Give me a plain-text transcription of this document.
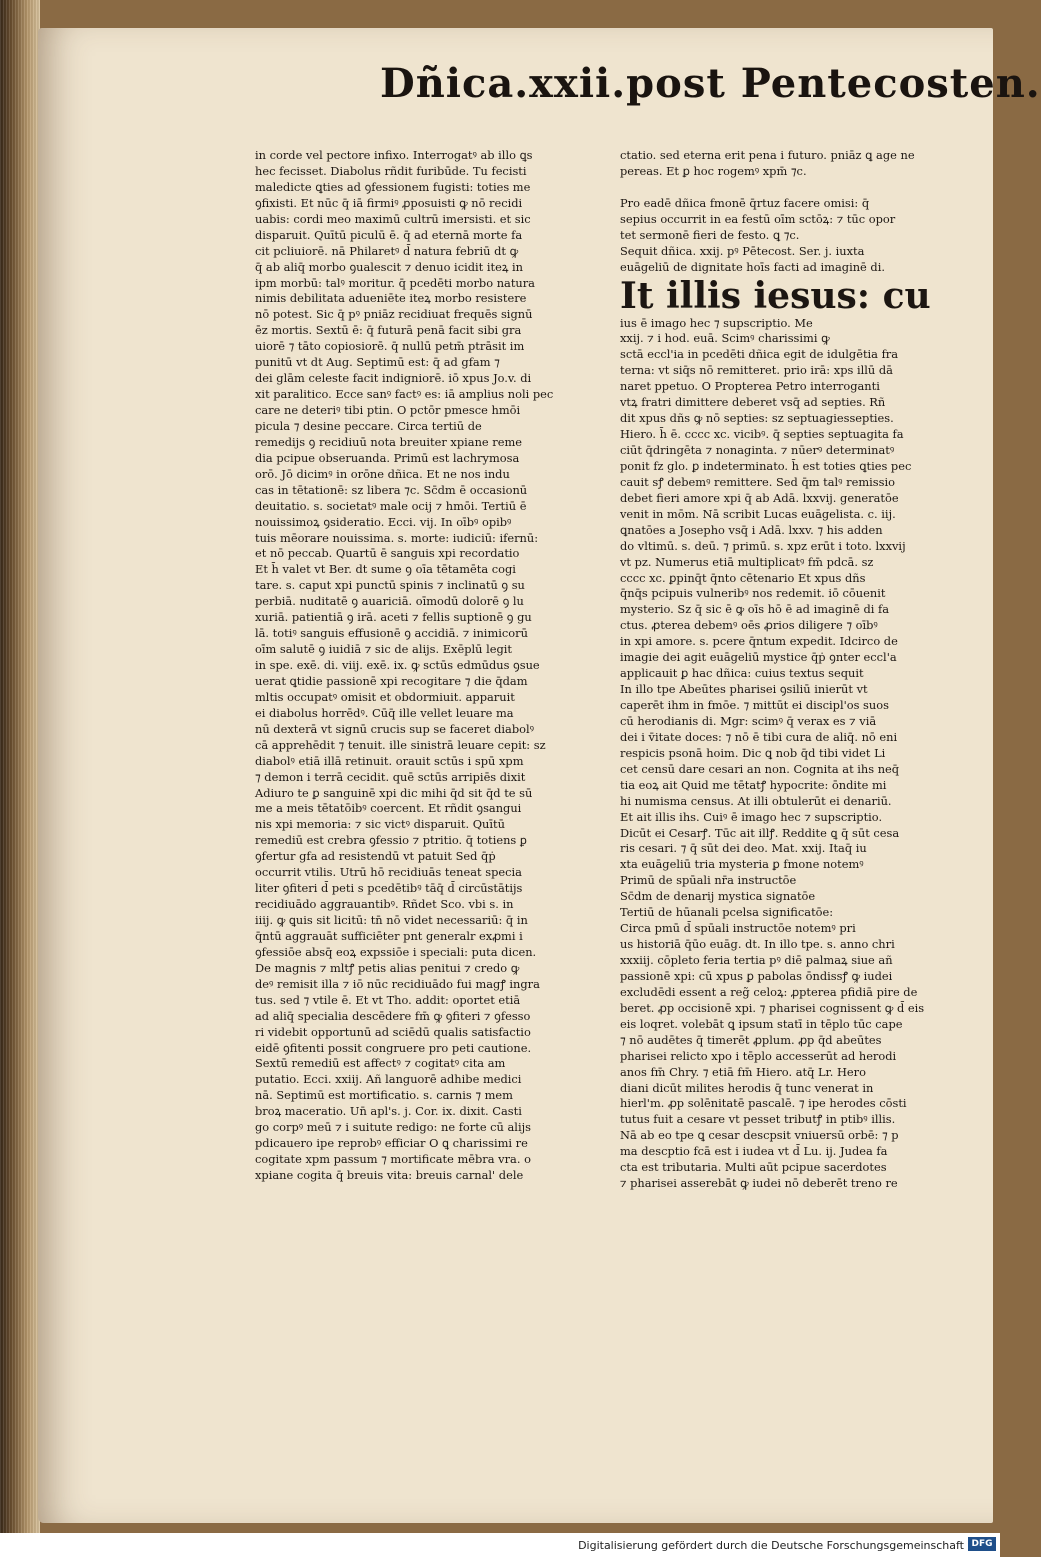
Dñica.xxii.post Pentecosten.
in corde vel pectore infixo. Interrogatꝰ ab illo ꝗs
hec fecisset. Diabolus rñdit furibūde. Tu fecisti
maledicte ꝗties ad ꝯfessionem fugisti: toties me
ꝯfixisti. Et nūc q̄ iā firmiꝰ ꝓposuisti ꝙ nō recidi
uabis: cordi meo maximū cultrū imersisti. et sic
disparuit. Quītū piculū ē. q̄ ad eternā morte fa
cit pcliuiorē. nā Philaretꝰ d̄ natura febriū dt ꝙ
q̄ ab aliq̄ morbo ꝯualescit ⁊ denuo icidit iteꝝ in
ipm morbū: talꝰ moritur. q̄ pcedēti morbo natura
nimis debilitata adueniēte iteꝝ morbo resistere
nō potest. Sic q̄ pꝰ pniāz recidiuat frequēs signū
ēz mortis. Sextū ē: q̄ futurā penā facit sibi gra
uiorē ⁊ tāto copiosiorē. q̄ nullū petm̄ ptrāsit im
punitū vt dt Aug. Septimū est: q̄ ad gfam ⁊
dei glām celeste facit indigniorē. iō xpus Jo.v. di
xit paralitico. Ecce sanꝰ factꝰ es: iā amplius noli pec
care ne deteriꝰ tibi ptin. O pctōr pmesce hmōi
picula ⁊ desine peccare. Circa tertiū de
remedijs ꝯ recidiuū nota breuiter xpiane reme
dia pcipue obseruanda. Primū est lachrymosa
orō. Jō dicimꝰ in orōne dñica. Et ne nos indu
cas in tētationē: sz libera ⁊c. Sc̄dm ē occasionū
deuitatio. s. societatꝰ male ocij ⁊ hmōi. Tertiū ē
nouissimoꝝ ꝯsideratio. Ecci. vij. In oībꝰ opibꝰ
tuis mēorare nouissima. s. morte: iudiciū: ifernū:
et nō peccab. Quartū ē sanguis xpi recordatio
Et h̄ valet vt Ber. dt sume ꝯ oīa tētamēta cogi
tare. s. caput xpi punctū spinis ⁊ inclinatū ꝯ su
perbiā. nuditatē ꝯ auariciā. oīmodū dolorē ꝯ lu
xuriā. patientiā ꝯ irā. aceti ⁊ fellis suptionē ꝯ gu
lā. totiꝰ sanguis effusionē ꝯ accidiā. ⁊ inimicorū
oīm salutē ꝯ iuidiā ⁊ sic de alijs. Exēplū legit
in spe. exē. di. viij. exē. ix. ꝙ sctūs edmūdus ꝯsue
uerat ꝗtidie passionē xpi recogitare ⁊ die q̄dam
mltis occupatꝰ omisit et obdormiuit. apparuit
ei diabolus horrēdꝰ. Cūq̄ ille vellet leuare ma
nū dexterā vt signū crucis sup se faceret diabolꝰ
cā apprehēdit ⁊ tenuit. ille sinistrā leuare cepit: sz
diabolꝰ etiā illā retinuit. orauit sctūs i spū xpm
⁊ demon i terrā cecidit. quē sctūs arripiēs dixit
Adiuro te ꝑ sanguinē xpi dic mihi q̄d sit q̄d te sū
me a meis tētatōibꝰ coercent. Et rñdit ꝯsangui
nis xpi memoria: ⁊ sic victꝰ disparuit. Quītū
remediū est crebra ꝯfessio ⁊ ptritio. q̄ totiens ꝑ
ꝯfertur gfa ad resistendū vt patuit Sed q̄ṗ
occurrit vtilis. Utrū hō recidiuās teneat specia
liter ꝯfiteri d̄ peti s pcedētibꝰ tāq̄ d̄ circūstātijs
recidiuādo aggrauantibꝰ. Rñdet Sco. vbi s. in
iiij. ꝙ ꝗuis sit licitū: tn̄ nō videt necessariū: q̄ in
q̄ntū aggrauāt sufficiēter pnt generalr exꝓmi i
ꝯfessiōe absq̄ eoꝝ expssiōe i speciali: puta dicen.
De magnis ⁊ mltꝭ petis alias penitui ⁊ credo ꝙ
deꝰ remisit illa ⁊ iō nūc recidiuādo fui magꝭ ingra
tus. sed ⁊ vtile ē. Et vt Tho. addit: oportet etiā
ad aliq̄ specialia descēdere fm̄ ꝙ ꝯfiteri ⁊ ꝯfesso
ri videbit opportunū ad sciēdū qualis satisfactio
eidē ꝯfitenti possit congruere pro peti cautione.
Sextū remediū est affectꝰ ⁊ cogitatꝰ cita am
putatio. Ecci. xxiij. Añ languorē adhibe medici
nā. Septimū est mortificatio. s. carnis ⁊ mem
broꝝ maceratio. Un̄ apl's. j. Cor. ix. dixit. Casti
go corpꝰ meū ⁊ i suitute redigo: ne forte cū alijs
pdicauero ipe reprobꝰ efficiar O ꝗ charissimi re
cogitate xpm passum ⁊ mortificate mēbra vra. o
xpiane cogita q̄ breuis vita: breuis carnal' dele
ctatio. sed eterna erit pena i futuro. pniāz ꝗ age ne
pereas. Et ꝑ hoc rogemꝰ xpm̄ ⁊c.
Pro eadē dñica fmonē q̄rtuz facere omisi: q̄
sepius occurrit in ea festū oīm sctōꝝ: ⁊ tūc opor
tet sermonē fieri de festo. ꝗ ⁊c.
Sequit dñica. xxij. pꝰ Pētecost. Ser. j. iuxta
euāgeliū de dignitate hoīs facti ad imaginē di.
It illis iesus: cu
ius ē imago hec ⁊ supscriptio. Me
xxij. ⁊ i hod. euā. Scimꝰ charissimi ꝙ
sctā eccl'ia in pcedēti dñica egit de idulgētia fra
terna: vt siq̄s nō remitteret. prio irā: xps illū dā
naret ppetuo. O Propterea Petro interroganti
vtꝝ fratri dimittere deberet vsq̄ ad septies. Rñ
dit xpus dñs ꝙ nō septies: sz septuagiessepties.
Hiero. h̄ ē. cccc xc. vicibꝰ. q̄ septies septuagita fa
ciūt q̄dringēta ⁊ nonaginta. ⁊ nūerꝰ determinatꝰ
ponit fz glo. ꝑ indeterminato. h̄ est toties ꝗties pec
cauit sꝭ debemꝰ remittere. Sed q̄m talꝰ remissio
debet fieri amore xpi q̄ ab Adā. lxxvij. generatōe
venit in mōm. Nā scribit Lucas euāgelista. c. iij.
ꝗnatōes a Josepho vsq̄ i Adā. lxxv. ⁊ his adden
do vltimū. s. deū. ⁊ primū. s. xpz erūt i toto. lxxvij
vt pz. Numerus etiā multiplicatꝰ fm̄ pdcā. sz
cccc xc. ꝑpinq̄t q̄nto cētenario Et xpus dñs
q̄nq̄s pcipuis vulneribꝰ nos redemit. iō cōuenit
mysterio. Sz q̄ sic ē ꝙ oīs hō ē ad imaginē di fa
ctus. ꝓterea debemꝰ oēs ꝓrios diligere ⁊ oībꝰ
in xpi amore. s. pcere q̄ntum expedit. Idcirco de
imagie dei agit euāgeliū mystice q̄ṗ ꝯnter eccl'a
applicauit ꝑ hac dñica: cuius textus sequit
In illo tpe Abeūtes pharisei ꝯsiliū inierūt vt
caperēt ihm in fmōe. ⁊ mittūt ei discipl'os suos
cū herodianis di. Mgr: scimꝰ q̄ verax es ⁊ viā
dei i v̄itate doces: ⁊ nō ē tibi cura de aliq̄. nō eni
respicis psonā hoim. Dic ꝗ nob q̄d tibi videt Li
cet censū dare cesari an non. Cognita at ihs neq̄
tia eoꝝ ait Quid me tētatꝭ hypocrite: ōndite mi
hi numisma census. At illi obtulerūt ei denariū.
Et ait illis ihs. Cuiꝰ ē imago hec ⁊ supscriptio.
Dicūt ei Cesarꝭ. Tūc ait illꝭ. Reddite ꝗ q̄ sūt cesa
ris cesari. ⁊ q̄ sūt dei deo. Mat. xxij. Itaq̄ iu
xta euāgeliū tria mysteria ꝑ fmone notemꝰ
Primū de spūali nr̄a instructōe
Sc̄dm de denarij mystica signatōe
Tertiū de hūanali pcelsa significatōe:
Circa pmū d̄ spūali instructōe notemꝰ pri
us historiā q̄ūo euāg. dt. In illo tpe. s. anno chri
xxxiij. cōpleto feria tertia pꝰ diē palmaꝝ siue añ
passionē xpi: cū xpus ꝑ pabolas ōndissꝭ ꝙ iudei
excludēdi essent a reg̃ celoꝝ: ꝓpterea pfidiā pire de
beret. ꝓp occisionē xpi. ⁊ pharisei cognissent ꝙ d̄ eis
eis loqret. volebāt ꝗ ipsum statī in tēplo tūc cape
⁊ nō audētes q̄ timerēt ꝓplum. ꝓp q̄d abeūtes
pharisei relicto xpo i tēplo accesserūt ad herodi
anos fm̄ Chry. ⁊ etiā fm̄ Hiero. atq̄ Lr. Hero
diani dicūt milites herodis q̄ tunc venerat in
hierl'm. ꝓp solēnitatē pascalē. ⁊ ipe herodes cōsti
tutus fuit a cesare vt pesset tributꝭ in ptibꝰ illis.
Nā ab eo tpe ꝗ cesar descpsit vniuersū orbē: ⁊ p
ma descptio fcā est i iudea vt d̄ Lu. ij. Judea fa
cta est tributaria. Multi aūt pcipue sacerdotes
⁊ pharisei asserebāt ꝙ iudei nō deberēt treno re
Digitalisierung gefördert durch die Deutsche Forschungsgemeinschaft DFG
